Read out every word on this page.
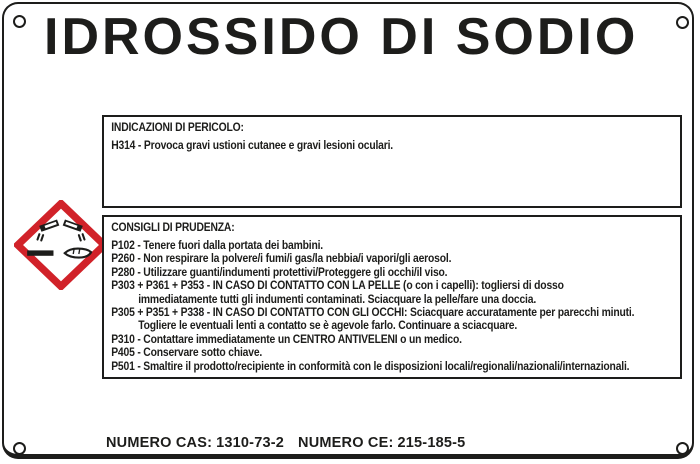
IDROSSIDO DI SODIO
INDICAZIONI DI PERICOLO:
H314 - Provoca gravi ustioni cutanee e gravi lesioni oculari.
CONSIGLI DI PRUDENZA:
P102 - Tenere fuori dalla portata dei bambini.
P260 - Non respirare la polvere/i fumi/i gas/la nebbia/i vapori/gli aerosol.
P280 - Utilizzare guanti/indumenti protettivi/Proteggere gli occhi/il viso.
P303 + P361 + P353 - IN CASO DI CONTATTO CON LA PELLE (o con i capelli): togliersi di dosso
immediatamente tutti gli indumenti contaminati. Sciacquare la pelle/fare una doccia.
P305 + P351 + P338 - IN CASO DI CONTATTO CON GLI OCCHI: Sciacquare accuratamente per parecchi minuti.
Togliere le eventuali lenti a contatto se è agevole farlo. Continuare a sciacquare.
P310 - Contattare immediatamente un CENTRO ANTIVELENI o un medico.
P405 - Conservare sotto chiave.
P501 - Smaltire il prodotto/recipiente in conformità con le disposizioni locali/regionali/nazionali/internazionali.
NUMERO CAS: 1310-73-2 NUMERO CE: 215-185-5
